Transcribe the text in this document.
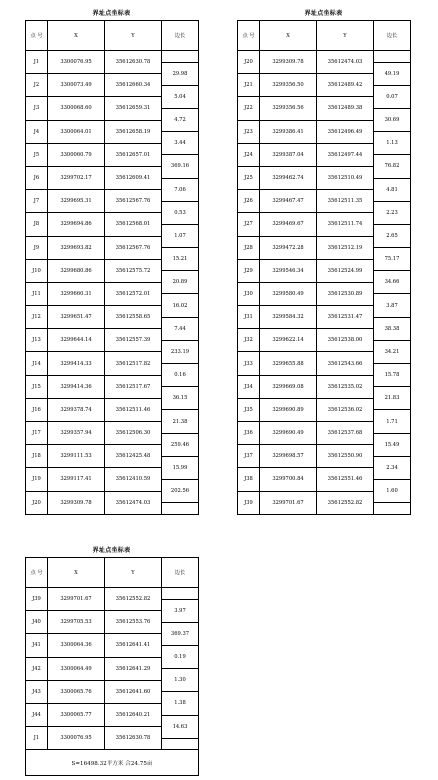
界址点坐标表
点 号	X	Y	边长
J1	3300076.95	35612630.78	
			29.98
J2	3300073.49	35612660.34	
			5.04
J3	3300068.60	35612659.31	
			4.72
J4	3300064.01	35612658.19	
			3.44
J5	3300060.79	35612657.01	
			369.16
J6	3299702.17	35612609.41	
			7.06
J7	3299695.31	35612567.76	
			0.53
J8	3299694.86	35612568.01	
			1.07
J9	3299693.82	35612567.76	
			15.21
J10	3299680.86	35612575.72	
			20.89
J11	3299660.31	35612572.01	
			16.02
J12	3299651.47	35612558.65	
			7.44
J13	3299644.14	35612557.39	
			233.19
J14	3299414.33	35612517.82	
			0.16
J15	3299414.36	35612517.67	
			36.15
J16	3299378.74	35612511.46	
			21.38
J17	3299357.94	35612506.30	
			259.46
J18	3299111.53	35612425.48	
			15.99
J19	3299117.41	35612410.59	
			202.56
J20	3299309.78	35612474.03	

界址点坐标表
点 号	X	Y	边长
J20	3299309.78	35612474.03	
			49.19
J21	3299356.50	35612489.42	
			0.07
J22	3299356.56	35612489.38	
			30.69
J23	3299386.41	35612496.49	
			1.13
J24	3299387.04	35612497.44	
			76.82
J25	3299462.74	35612510.49	
			4.81
J26	3299467.47	35612511.35	
			2.23
J27	3299469.67	35612511.74	
			2.65
J28	3299472.28	35612512.19	
			75.17
J29	3299546.34	35612524.99	
			34.66
J30	3299580.49	35612530.89	
			3.87
J31	3299584.32	35612531.47	
			38.38
J32	3299622.14	35612538.00	
			34.21
J33	3299655.88	35612543.66	
			15.78
J34	3299669.08	35612535.02	
			21.83
J35	3299690.89	35612536.02	
			1.71
J36	3299690.49	35612537.68	
			15.49
J37	3299698.57	35612550.90	
			2.34
J38	3299700.84	35612551.46	
			1.60
J39	3299701.67	35612552.82	

界址点坐标表
点 号	X	Y	边长
J39	3299701.67	35612552.82	
			3.97
J40	3299705.53	35612553.76	
			369.37
J41	3300064.36	35612641.41	
			0.19
J42	3300064.49	35612641.29	
			1.30
J43	3300065.76	35612641.60	
			1.38
J44	3300065.77	35612640.21	
			14.63
J1	3300076.95	35612630.78	

S=16498.32平方米 合24.75亩			
